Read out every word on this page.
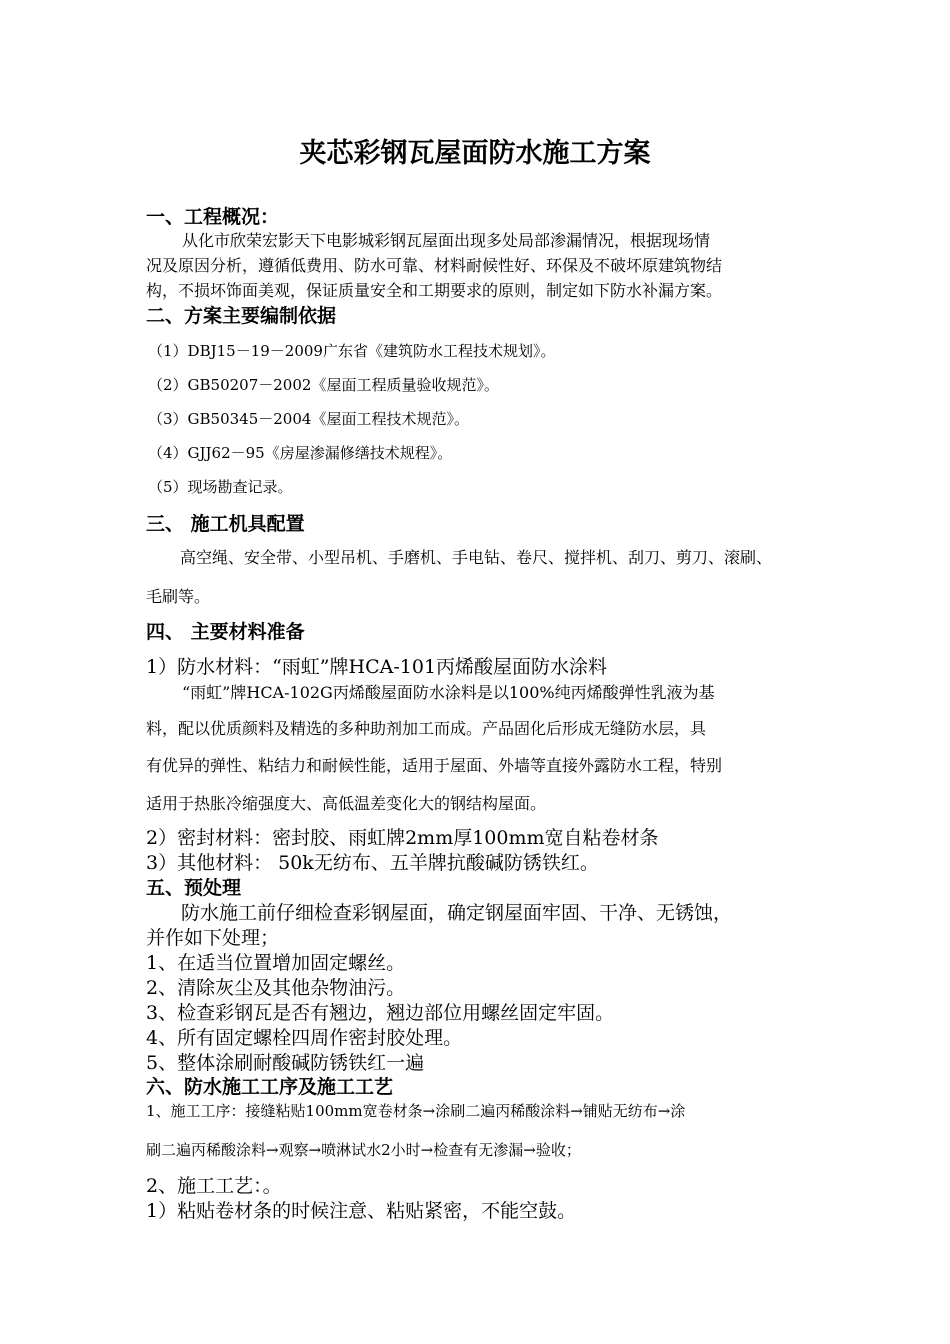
夹芯彩钢瓦屋面防水施工方案
一、工程概况：
从化市欣荣宏影天下电影城彩钢瓦屋面出现多处局部渗漏情况，根据现场情
况及原因分析，遵循低费用、防水可靠、材料耐候性好、环保及不破坏原建筑物结
构，不损坏饰面美观，保证质量安全和工期要求的原则，制定如下防水补漏方案。
二、方案主要编制依据
（1）DBJ15－19－2009广东省《建筑防水工程技术规划》。
（2）GB50207－2002《屋面工程质量验收规范》。
（3）GB50345－2004《屋面工程技术规范》。
（4）GJJ62－95《房屋渗漏修缮技术规程》。
（5）现场勘查记录。
三、 施工机具配置
高空绳、安全带、小型吊机、手磨机、手电钻、卷尺、搅拌机、刮刀、剪刀、滚刷、
毛刷等。
四、 主要材料准备
1）防水材料：“雨虹”牌HCA-101丙烯酸屋面防水涂料
“雨虹”牌HCA-102G丙烯酸屋面防水涂料是以100%纯丙烯酸弹性乳液为基
料，配以优质颜料及精选的多种助剂加工而成。产品固化后形成无缝防水层，具
有优异的弹性、粘结力和耐候性能，适用于屋面、外墙等直接外露防水工程，特别
适用于热胀冷缩强度大、高低温差变化大的钢结构屋面。
2）密封材料：密封胶、雨虹牌2mm厚100mm宽自粘卷材条
3）其他材料： 50k无纺布、五羊牌抗酸碱防锈铁红。
五、预处理
防水施工前仔细检查彩钢屋面，确定钢屋面牢固、干净、无锈蚀，
并作如下处理；
1、在适当位置增加固定螺丝。
2、清除灰尘及其他杂物油污。
3、检查彩钢瓦是否有翘边，翘边部位用螺丝固定牢固。
4、所有固定螺栓四周作密封胶处理。
5、整体涂刷耐酸碱防锈铁红一遍
六、防水施工工序及施工工艺
1、施工工序：接缝粘贴100mm宽卷材条→涂刷二遍丙稀酸涂料→铺贴无纺布→涂
刷二遍丙稀酸涂料→观察→喷淋试水2小时→检查有无渗漏→验收；
2、施工工艺：。
1）粘贴卷材条的时候注意、粘贴紧密，不能空鼓。
